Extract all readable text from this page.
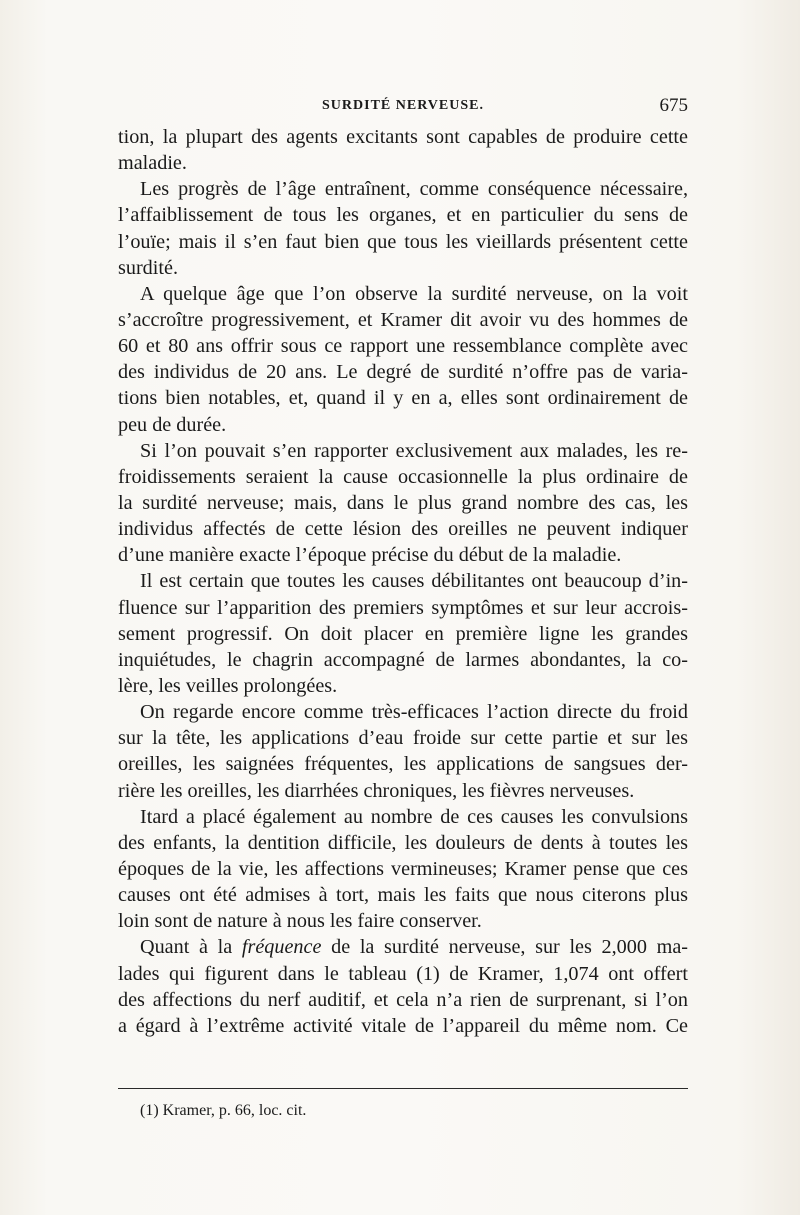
SURDITÉ NERVEUSE.	675
tion, la plupart des agents excitants sont capables de produire cette
maladie.
Les progrès de l’âge entraînent, comme conséquence nécessaire,
l’affaiblissement de tous les organes, et en particulier du sens de
l’ouïe; mais il s’en faut bien que tous les vieillards présentent cette
surdité.
A quelque âge que l’on observe la surdité nerveuse, on la voit
s’accroître progressivement, et Kramer dit avoir vu des hommes de
60 et 80 ans offrir sous ce rapport une ressemblance complète avec
des individus de 20 ans. Le degré de surdité n’offre pas de varia-
tions bien notables, et, quand il y en a, elles sont ordinairement de
peu de durée.
Si l’on pouvait s’en rapporter exclusivement aux malades, les re-
froidissements seraient la cause occasionnelle la plus ordinaire de
la surdité nerveuse; mais, dans le plus grand nombre des cas, les
individus affectés de cette lésion des oreilles ne peuvent indiquer
d’une manière exacte l’époque précise du début de la maladie.
Il est certain que toutes les causes débilitantes ont beaucoup d’in-
fluence sur l’apparition des premiers symptômes et sur leur accrois-
sement progressif. On doit placer en première ligne les grandes
inquiétudes, le chagrin accompagné de larmes abondantes, la co-
lère, les veilles prolongées.
On regarde encore comme très-efficaces l’action directe du froid
sur la tête, les applications d’eau froide sur cette partie et sur les
oreilles, les saignées fréquentes, les applications de sangsues der-
rière les oreilles, les diarrhées chroniques, les fièvres nerveuses.
Itard a placé également au nombre de ces causes les convulsions
des enfants, la dentition difficile, les douleurs de dents à toutes les
époques de la vie, les affections vermineuses; Kramer pense que ces
causes ont été admises à tort, mais les faits que nous citerons plus
loin sont de nature à nous les faire conserver.
Quant à la fréquence de la surdité nerveuse, sur les 2,000 ma-
lades qui figurent dans le tableau (1) de Kramer, 1,074 ont offert
des affections du nerf auditif, et cela n’a rien de surprenant, si l’on
a égard à l’extrême activité vitale de l’appareil du même nom. Ce
(1) Kramer, p. 66, loc. cit.
